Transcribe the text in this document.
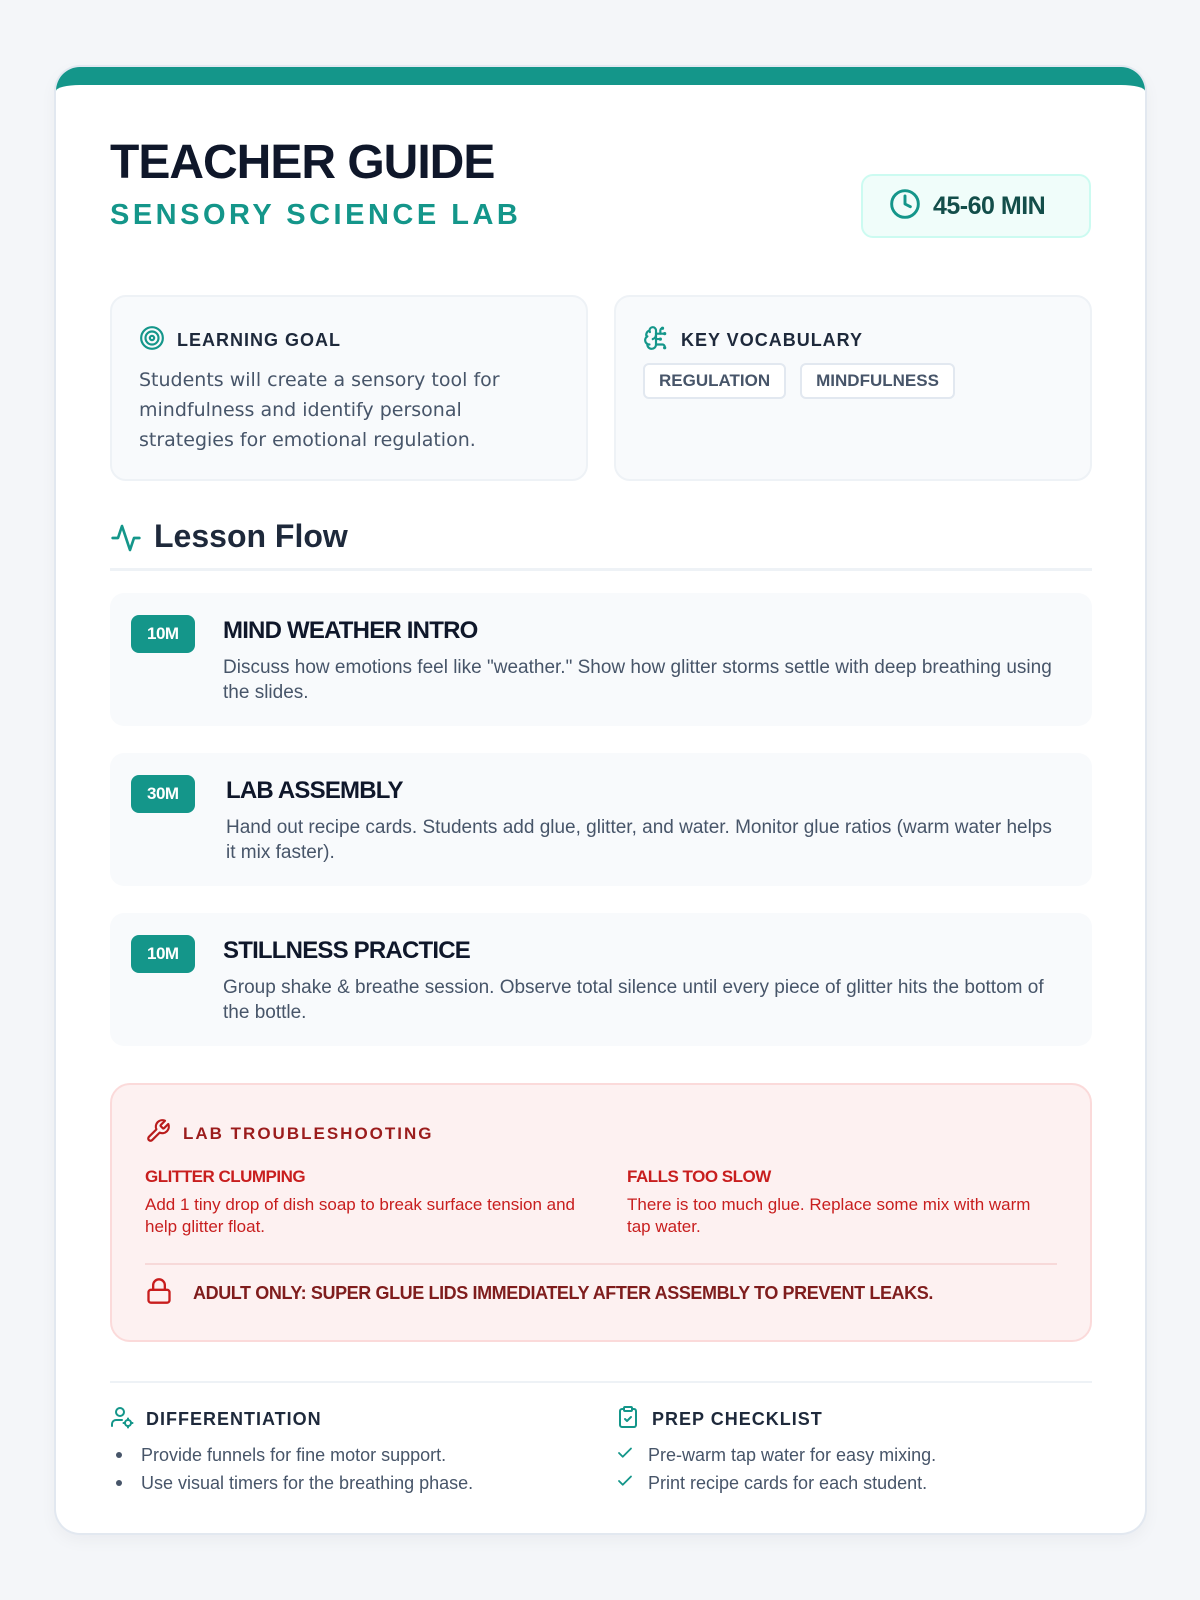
TEACHER GUIDE
SENSORY SCIENCE LAB	45-60 MIN
LEARNING GOAL
Students will create a sensory tool for mindfulness and identify personal strategies for emotional regulation.
KEY VOCABULARY
REGULATION	MINDFULNESS
Lesson Flow
10M	MIND WEATHER INTRO
Discuss how emotions feel like "weather." Show how glitter storms settle with deep breathing using the slides.
30M	LAB ASSEMBLY
Hand out recipe cards. Students add glue, glitter, and water. Monitor glue ratios (warm water helps it mix faster).
10M	STILLNESS PRACTICE
Group shake & breathe session. Observe total silence until every piece of glitter hits the bottom of the bottle.
LAB TROUBLESHOOTING
GLITTER CLUMPING
Add 1 tiny drop of dish soap to break surface tension and help glitter float.
FALLS TOO SLOW
There is too much glue. Replace some mix with warm tap water.
ADULT ONLY: SUPER GLUE LIDS IMMEDIATELY AFTER ASSEMBLY TO PREVENT LEAKS.
DIFFERENTIATION
Provide funnels for fine motor support.
Use visual timers for the breathing phase.
PREP CHECKLIST
Pre-warm tap water for easy mixing.
Print recipe cards for each student.
